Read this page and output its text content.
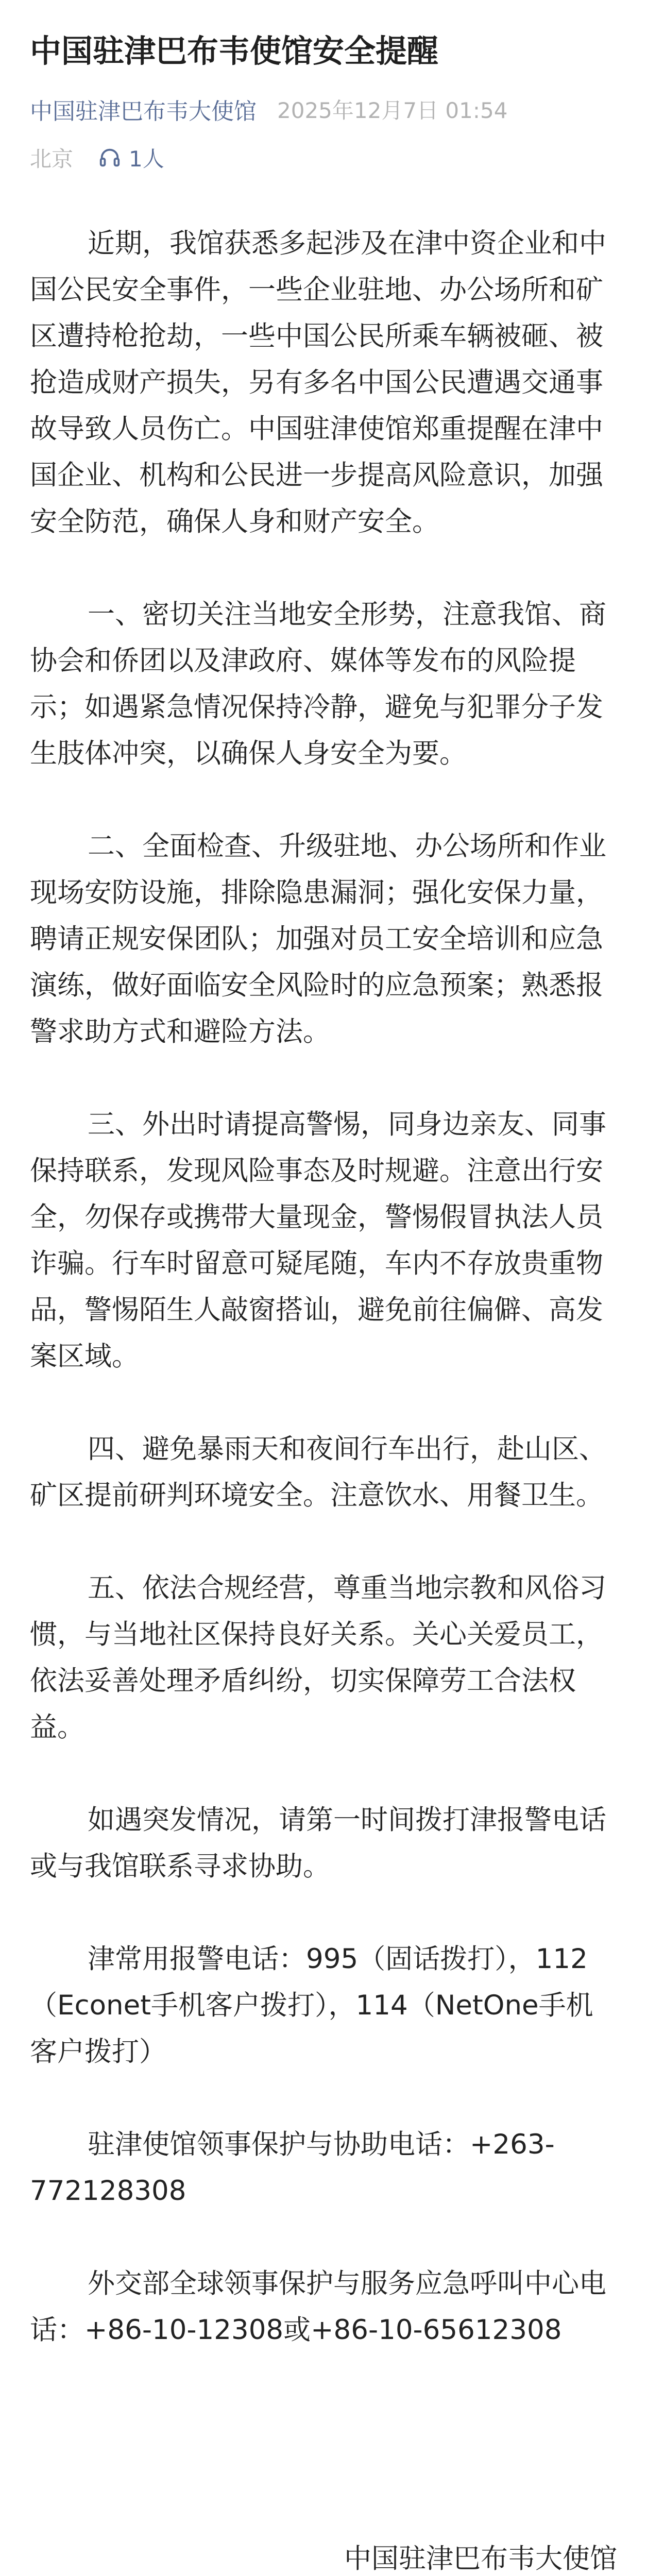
中国驻津巴布韦使馆安全提醒
中国驻津巴布韦大使馆 2025年12月7日 01:54
北京	1人

近期，我馆获悉多起涉及在津中资企业和中国公民安全事件，一些企业驻地、办公场所和矿区遭持枪抢劫，一些中国公民所乘车辆被砸、被抢造成财产损失，另有多名中国公民遭遇交通事故导致人员伤亡。中国驻津使馆郑重提醒在津中国企业、机构和公民进一步提高风险意识，加强安全防范，确保人身和财产安全。

一、密切关注当地安全形势，注意我馆、商协会和侨团以及津政府、媒体等发布的风险提示；如遇紧急情况保持冷静，避免与犯罪分子发生肢体冲突，以确保人身安全为要。

二、全面检查、升级驻地、办公场所和作业现场安防设施，排除隐患漏洞；强化安保力量，聘请正规安保团队；加强对员工安全培训和应急演练，做好面临安全风险时的应急预案；熟悉报警求助方式和避险方法。

三、外出时请提高警惕，同身边亲友、同事保持联系，发现风险事态及时规避。注意出行安全，勿保存或携带大量现金，警惕假冒执法人员诈骗。行车时留意可疑尾随，车内不存放贵重物品，警惕陌生人敲窗搭讪，避免前往偏僻、高发案区域。

四、避免暴雨天和夜间行车出行，赴山区、矿区提前研判环境安全。注意饮水、用餐卫生。

五、依法合规经营，尊重当地宗教和风俗习惯，与当地社区保持良好关系。关心关爱员工，依法妥善处理矛盾纠纷，切实保障劳工合法权益。

如遇突发情况，请第一时间拨打津报警电话或与我馆联系寻求协助。

津常用报警电话：995（固话拨打），112（Econet手机客户拨打），114（NetOne手机客户拨打）

驻津使馆领事保护与协助电话：+263-772128308

外交部全球领事保护与服务应急呼叫中心电话：+86-10-12308或+86-10-65612308

中国驻津巴布韦大使馆
